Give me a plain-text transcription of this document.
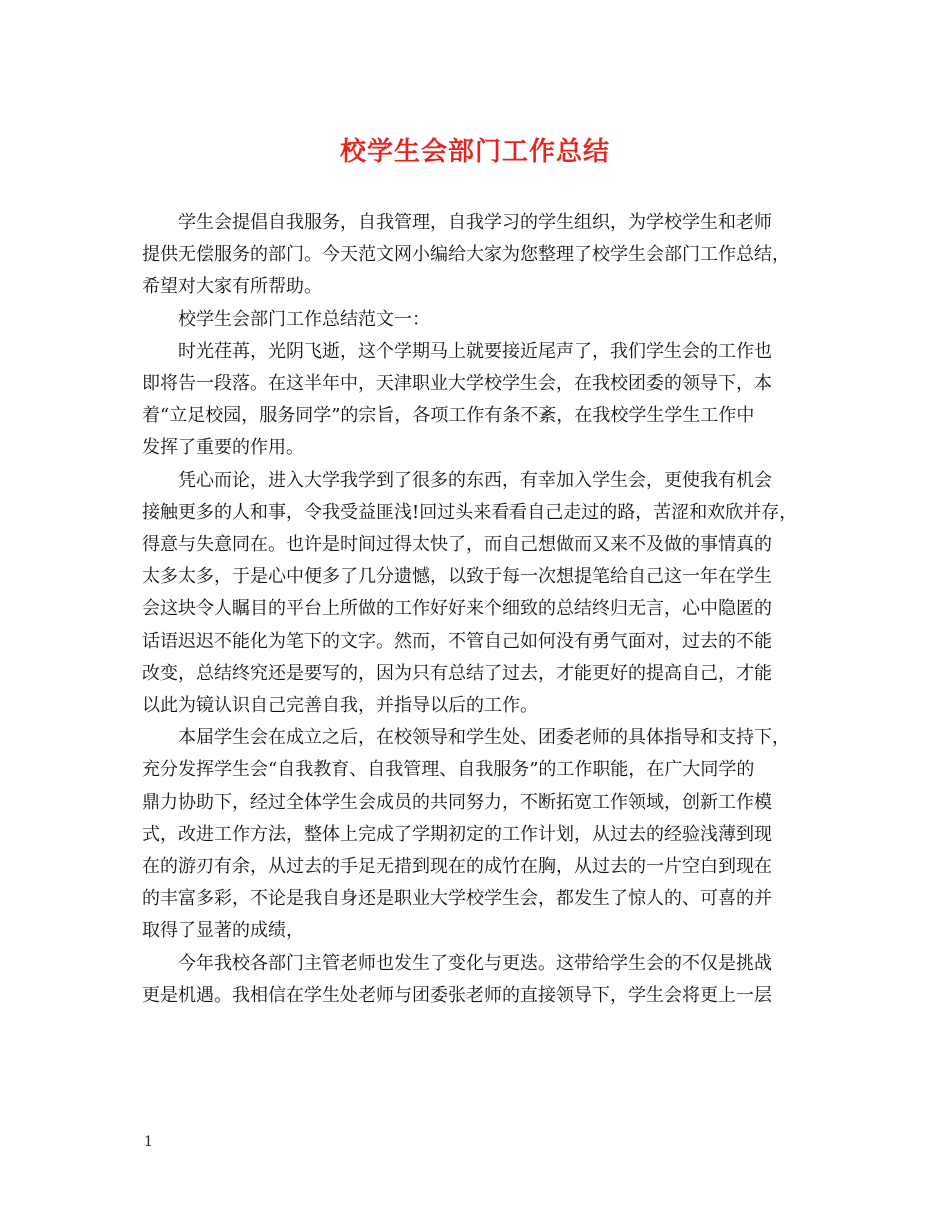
校学生会部门工作总结
学生会提倡自我服务，自我管理，自我学习的学生组织，为学校学生和老师
提供无偿服务的部门。今天范文网小编给大家为您整理了校学生会部门工作总结，
希望对大家有所帮助。
校学生会部门工作总结范文一：
时光荏苒，光阴飞逝，这个学期马上就要接近尾声了，我们学生会的工作也
即将告一段落。在这半年中，天津职业大学校学生会，在我校团委的领导下，本
着“立足校园，服务同学”的宗旨，各项工作有条不紊，在我校学生学生工作中
发挥了重要的作用。
凭心而论，进入大学我学到了很多的东西，有幸加入学生会，更使我有机会
接触更多的人和事，令我受益匪浅!回过头来看看自己走过的路，苦涩和欢欣并存，
得意与失意同在。也许是时间过得太快了，而自己想做而又来不及做的事情真的
太多太多，于是心中便多了几分遗憾，以致于每一次想提笔给自己这一年在学生
会这块令人瞩目的平台上所做的工作好好来个细致的总结终归无言，心中隐匿的
话语迟迟不能化为笔下的文字。然而，不管自己如何没有勇气面对，过去的不能
改变，总结终究还是要写的，因为只有总结了过去，才能更好的提高自己，才能
以此为镜认识自己完善自我，并指导以后的工作。
本届学生会在成立之后，在校领导和学生处、团委老师的具体指导和支持下，
充分发挥学生会“自我教育、自我管理、自我服务”的工作职能，在广大同学的
鼎力协助下，经过全体学生会成员的共同努力，不断拓宽工作领域，创新工作模
式，改进工作方法，整体上完成了学期初定的工作计划，从过去的经验浅薄到现
在的游刃有余，从过去的手足无措到现在的成竹在胸，从过去的一片空白到现在
的丰富多彩，不论是我自身还是职业大学校学生会，都发生了惊人的、可喜的并
取得了显著的成绩，
今年我校各部门主管老师也发生了变化与更迭。这带给学生会的不仅是挑战
更是机遇。我相信在学生处老师与团委张老师的直接领导下，学生会将更上一层
1
